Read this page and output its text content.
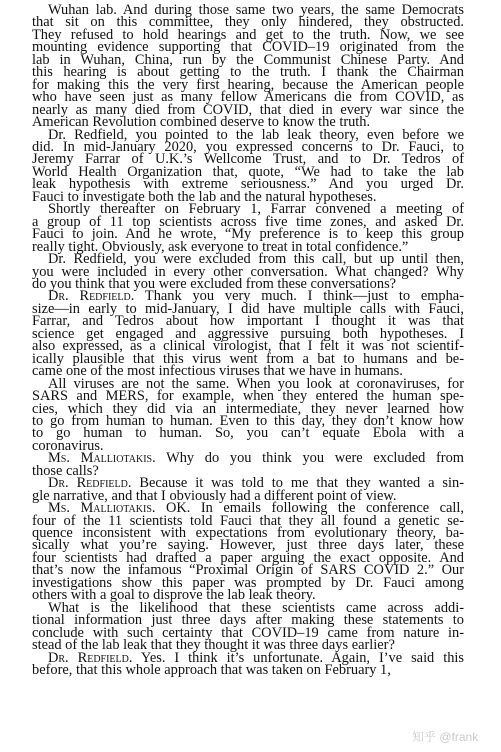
Wuhan lab. And during those same two years, the same Democrats
that sit on this committee, they only hindered, they obstructed.
They refused to hold hearings and get to the truth. Now, we see
mounting evidence supporting that COVID–19 originated from the
lab in Wuhan, China, run by the Communist Chinese Party. And
this hearing is about getting to the truth. I thank the Chairman
for making this the very first hearing, because the American people
who have seen just as many fellow Americans die from COVID, as
nearly as many died from COVID, that died in every war since the
American Revolution combined deserve to know the truth.
Dr. Redfield, you pointed to the lab leak theory, even before we
did. In mid-January 2020, you expressed concerns to Dr. Fauci, to
Jeremy Farrar of U.K.’s Wellcome Trust, and to Dr. Tedros of
World Health Organization that, quote, “We had to take the lab
leak hypothesis with extreme seriousness.” And you urged Dr.
Fauci to investigate both the lab and the natural hypotheses.
Shortly thereafter on February 1, Farrar convened a meeting of
a group of 11 top scientists across five time zones, and asked Dr.
Fauci to join. And he wrote, “My preference is to keep this group
really tight. Obviously, ask everyone to treat in total confidence.”
Dr. Redfield, you were excluded from this call, but up until then,
you were included in every other conversation. What changed? Why
do you think that you were excluded from these conversations?
Dr. Redfield. Thank you very much. I think—just to empha-
size—in early to mid-January, I did have multiple calls with Fauci,
Farrar, and Tedros about how important I thought it was that
science get engaged and aggressive pursuing both hypotheses. I
also expressed, as a clinical virologist, that I felt it was not scientif-
ically plausible that this virus went from a bat to humans and be-
came one of the most infectious viruses that we have in humans.
All viruses are not the same. When you look at coronaviruses, for
SARS and MERS, for example, when they entered the human spe-
cies, which they did via an intermediate, they never learned how
to go from human to human. Even to this day, they don’t know how
to go human to human. So, you can’t equate Ebola with a
coronavirus.
Ms. Malliotakis. Why do you think you were excluded from
those calls?
Dr. Redfield. Because it was told to me that they wanted a sin-
gle narrative, and that I obviously had a different point of view.
Ms. Malliotakis. OK. In emails following the conference call,
four of the 11 scientists told Fauci that they all found a genetic se-
quence inconsistent with expectations from evolutionary theory, ba-
sically what you’re saying. However, just three days later, these
four scientists had drafted a paper arguing the exact opposite. And
that’s now the infamous “Proximal Origin of SARS COVID 2.” Our
investigations show this paper was prompted by Dr. Fauci among
others with a goal to disprove the lab leak theory.
What is the likelihood that these scientists came across addi-
tional information just three days after making these statements to
conclude with such certainty that COVID–19 came from nature in-
stead of the lab leak that they thought it was three days earlier?
Dr. Redfield. Yes. I think it’s unfortunate. Again, I’ve said this
before, that this whole approach that was taken on February 1,
知乎 @frank
